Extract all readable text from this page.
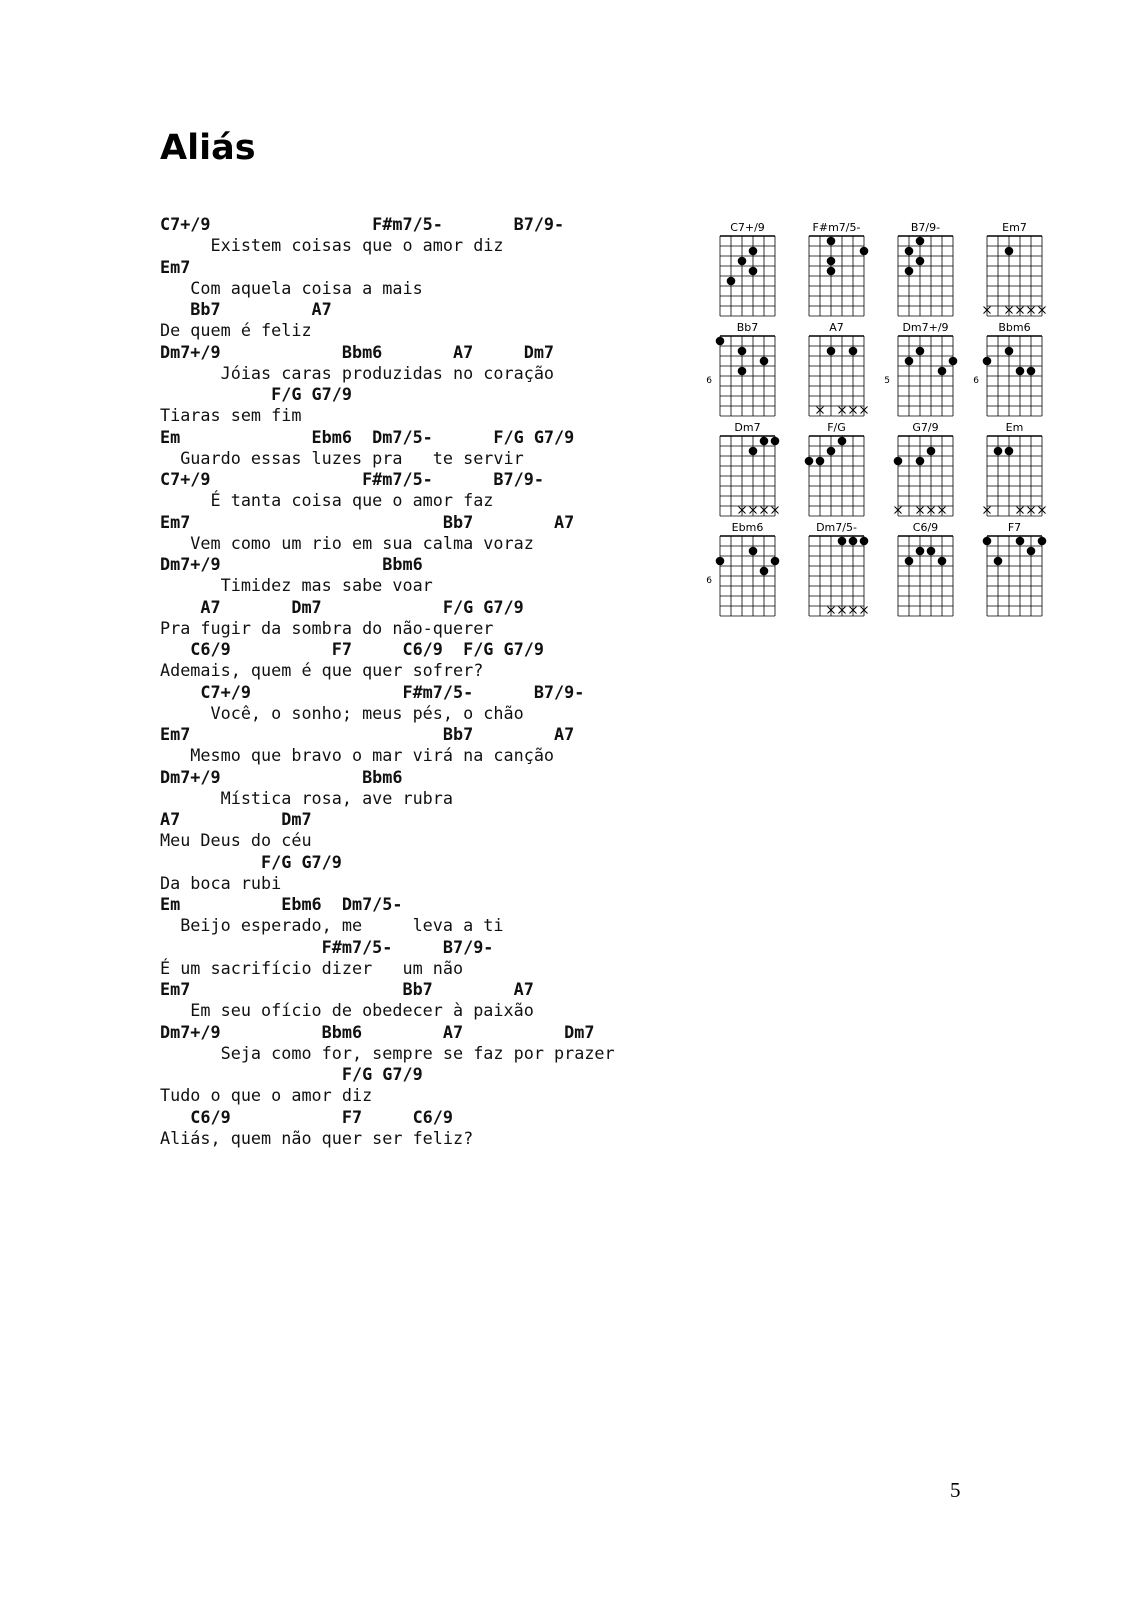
Aliás
C7+/9                F#m7/5-       B7/9-
Existem coisas que o amor diz
Em7
Com aquela coisa a mais
Bb7         A7
De quem é feliz
Dm7+/9            Bbm6       A7     Dm7
Jóias caras produzidas no coração
F/G G7/9
Tiaras sem fim
Em             Ebm6  Dm7/5-      F/G G7/9
Guardo essas luzes pra   te servir
C7+/9               F#m7/5-      B7/9-
É tanta coisa que o amor faz
Em7                         Bb7        A7
Vem como um rio em sua calma voraz
Dm7+/9                Bbm6
Timidez mas sabe voar
A7       Dm7            F/G G7/9
Pra fugir da sombra do não-querer
C6/9          F7     C6/9  F/G G7/9
Ademais, quem é que quer sofrer?
C7+/9               F#m7/5-      B7/9-
Você, o sonho; meus pés, o chão
Em7                         Bb7        A7
Mesmo que bravo o mar virá na canção
Dm7+/9              Bbm6
Mística rosa, ave rubra
A7          Dm7
Meu Deus do céu
F/G G7/9
Da boca rubi
Em          Ebm6  Dm7/5-
Beijo esperado, me     leva a ti
F#m7/5-     B7/9-
É um sacrifício dizer   um não
Em7                     Bb7        A7
Em seu ofício de obedecer à paixão
Dm7+/9          Bbm6        A7          Dm7
Seja como for, sempre se faz por prazer
F/G G7/9
Tudo o que o amor diz
C6/9           F7     C6/9
Aliás, quem não quer ser feliz?
C7+/9	F#m7/5-	B7/9-	Em7
Bb7
6
A7	Dm7+/9
5
Bbm6
6
Dm7	F/G	G7/9	Em
Ebm6
6
Dm7/5-	C6/9	F7
5
